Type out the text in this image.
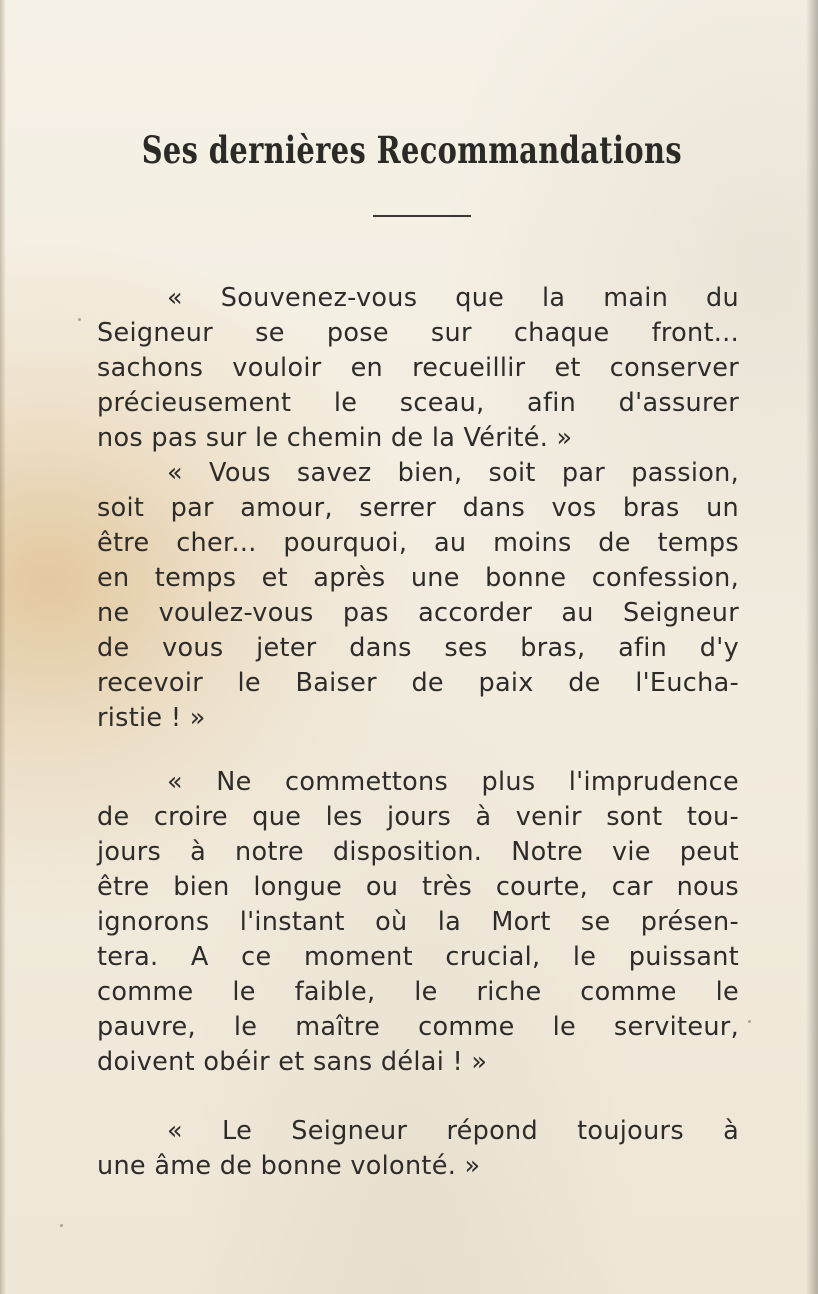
Ses dernières Recommandations
« Souvenez-vous que la main du
Seigneur se pose sur chaque front...
sachons vouloir en recueillir et conserver
précieusement le sceau, afin d'assurer
nos pas sur le chemin de la Vérité. »
« Vous savez bien, soit par passion,
soit par amour, serrer dans vos bras un
être cher... pourquoi, au moins de temps
en temps et après une bonne confession,
ne voulez-vous pas accorder au Seigneur
de vous jeter dans ses bras, afin d'y
recevoir le Baiser de paix de l'Eucha-
ristie ! »
« Ne commettons plus l'imprudence
de croire que les jours à venir sont tou-
jours à notre disposition. Notre vie peut
être bien longue ou très courte, car nous
ignorons l'instant où la Mort se présen-
tera. A ce moment crucial, le puissant
comme le faible, le riche comme le
pauvre, le maître comme le serviteur,
doivent obéir et sans délai ! »
« Le Seigneur répond toujours à
une âme de bonne volonté. »
